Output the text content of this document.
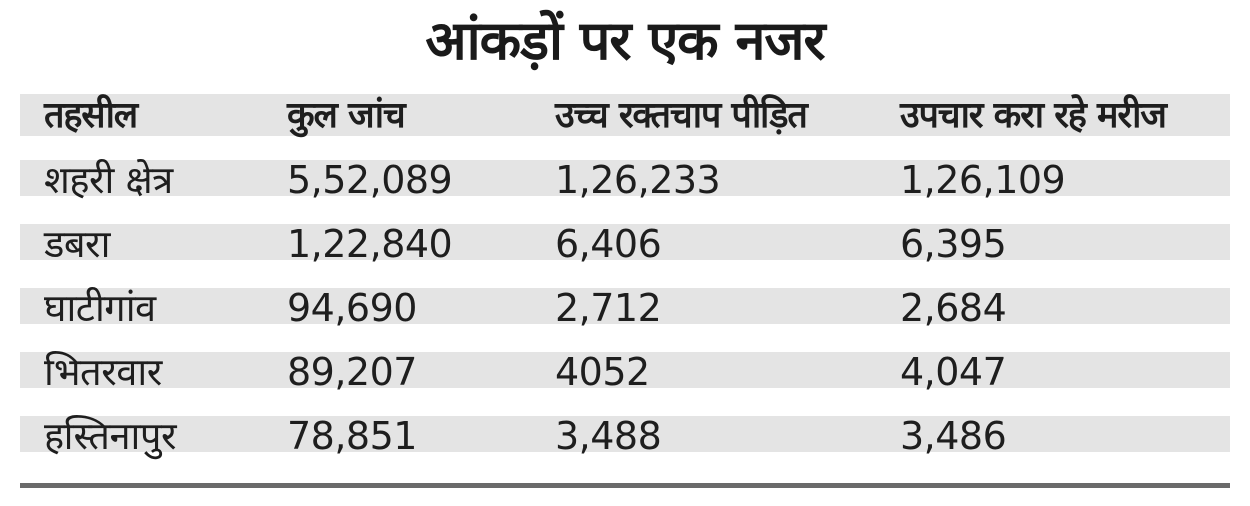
आंकड़ों पर एक नजर
तहसील	कुल जांच	उच्च रक्तचाप पीड़ित	उपचार करा रहे मरीज
शहरी क्षेत्र	5,52,089	1,26,233	1,26,109
डबरा	1,22,840	6,406	6,395
घाटीगांव	94,690	2,712	2,684
भितरवार	89,207	4052	4,047
हस्तिनापुर	78,851	3,488	3,486
